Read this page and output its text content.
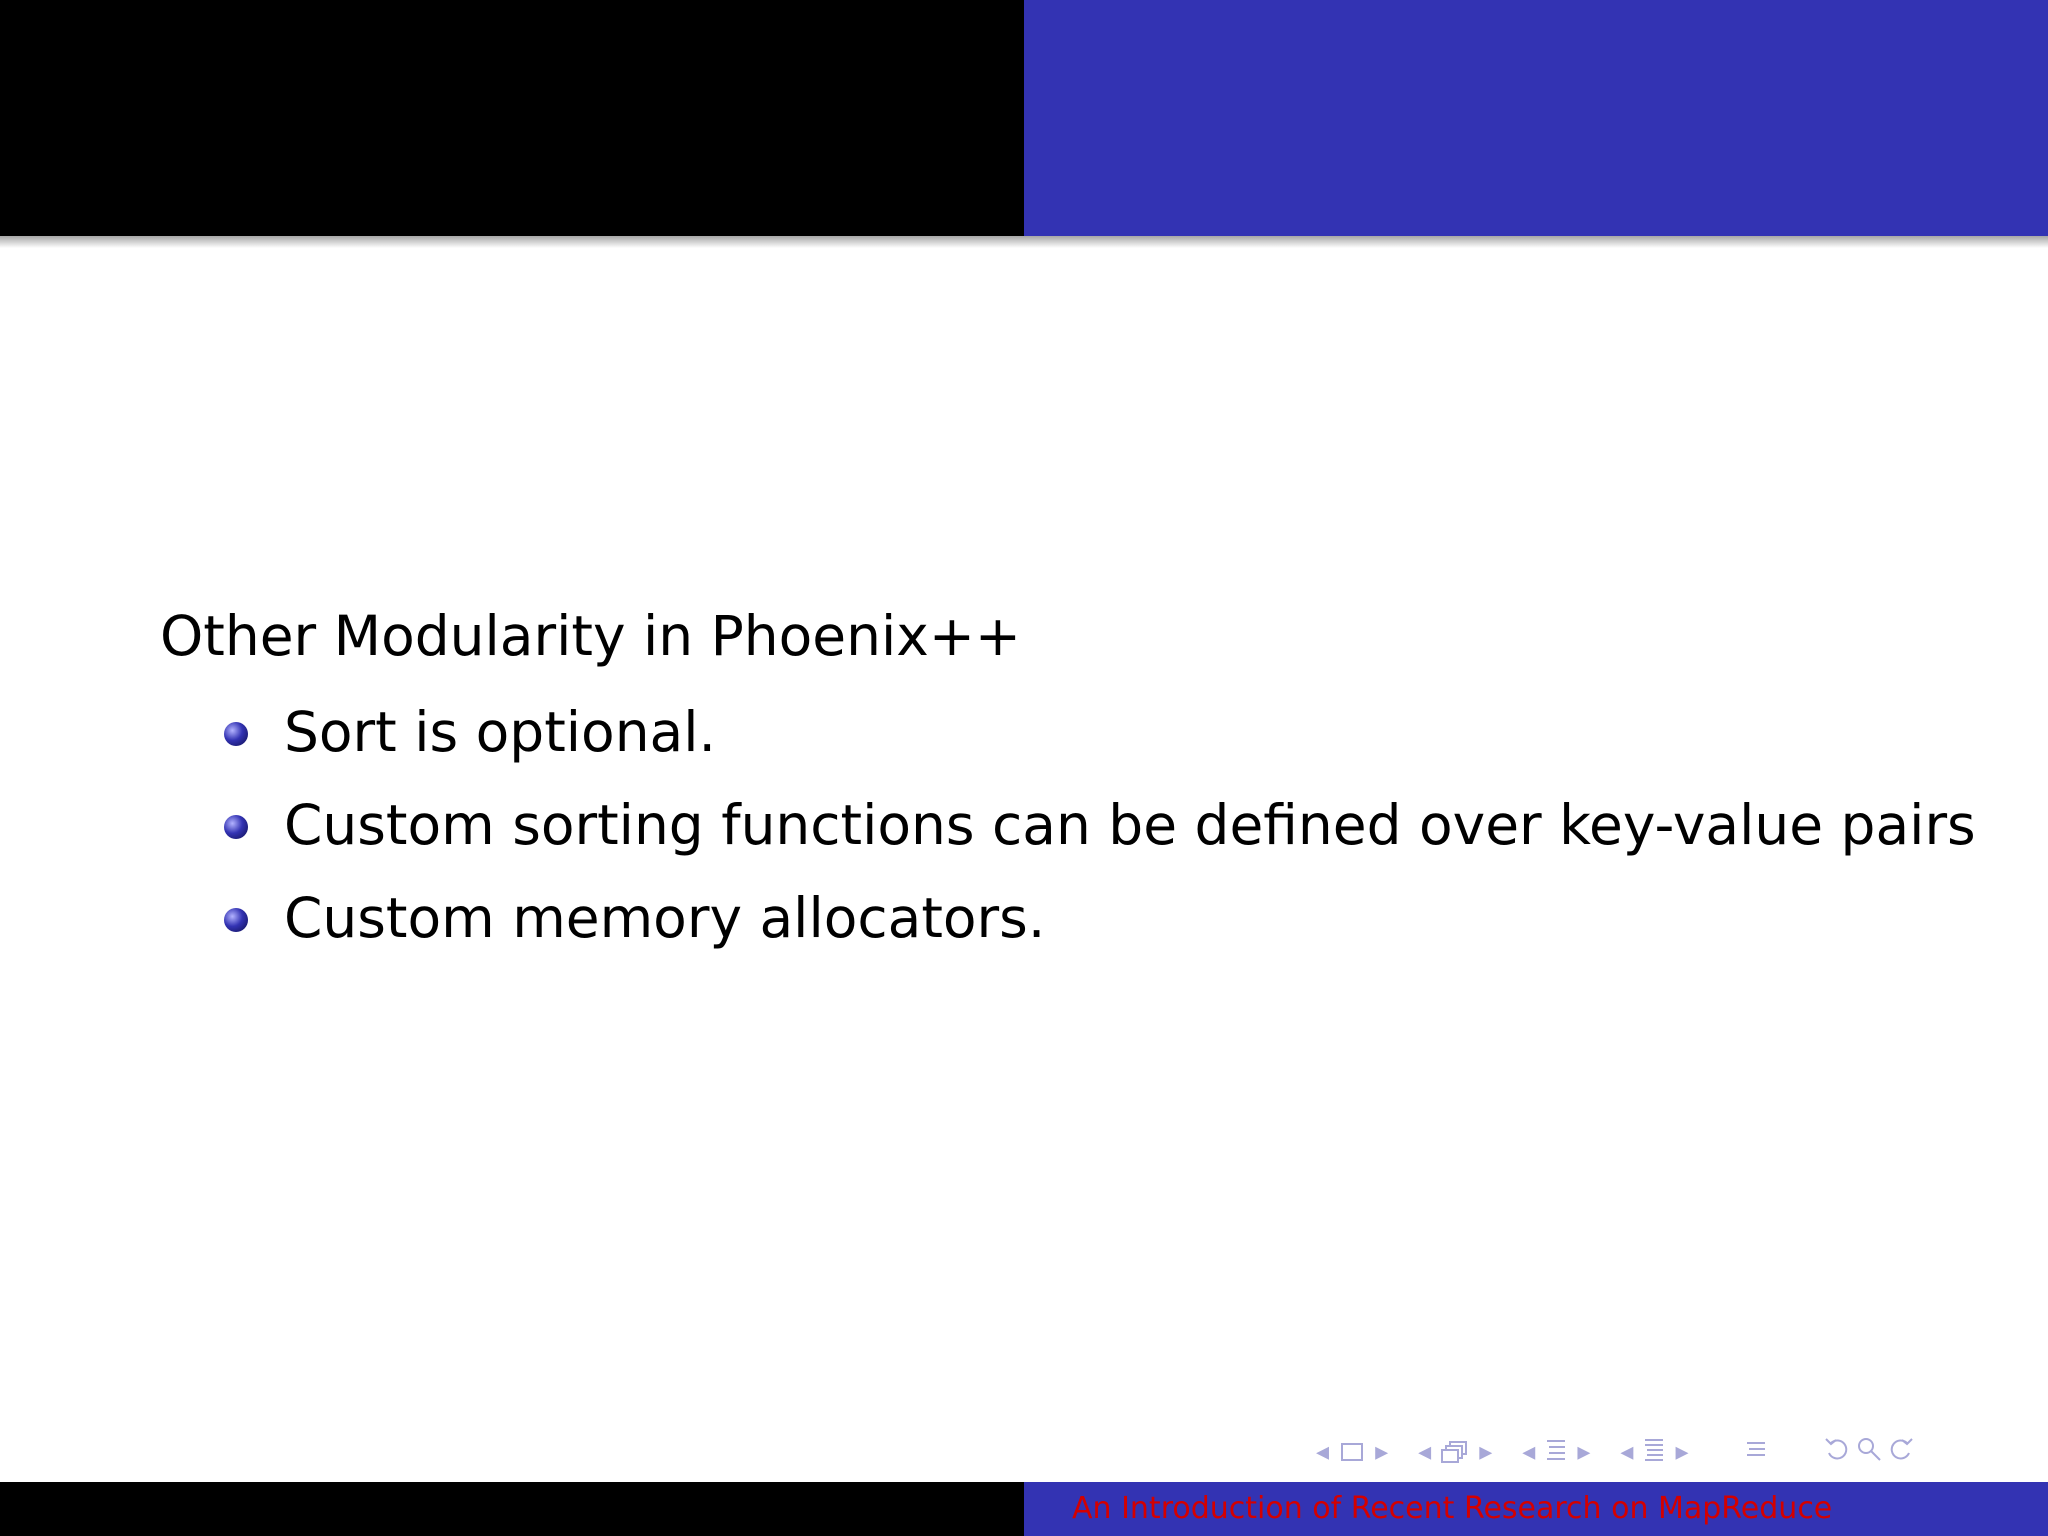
Other Modularity in Phoenix++
Sort is optional.
Custom sorting functions can be defined over key-value pairs
Custom memory allocators.
◂ ▸ ◂ ▸ ◂ ▸ ◂ ▸
An Introduction of Recent Research on MapReduce
